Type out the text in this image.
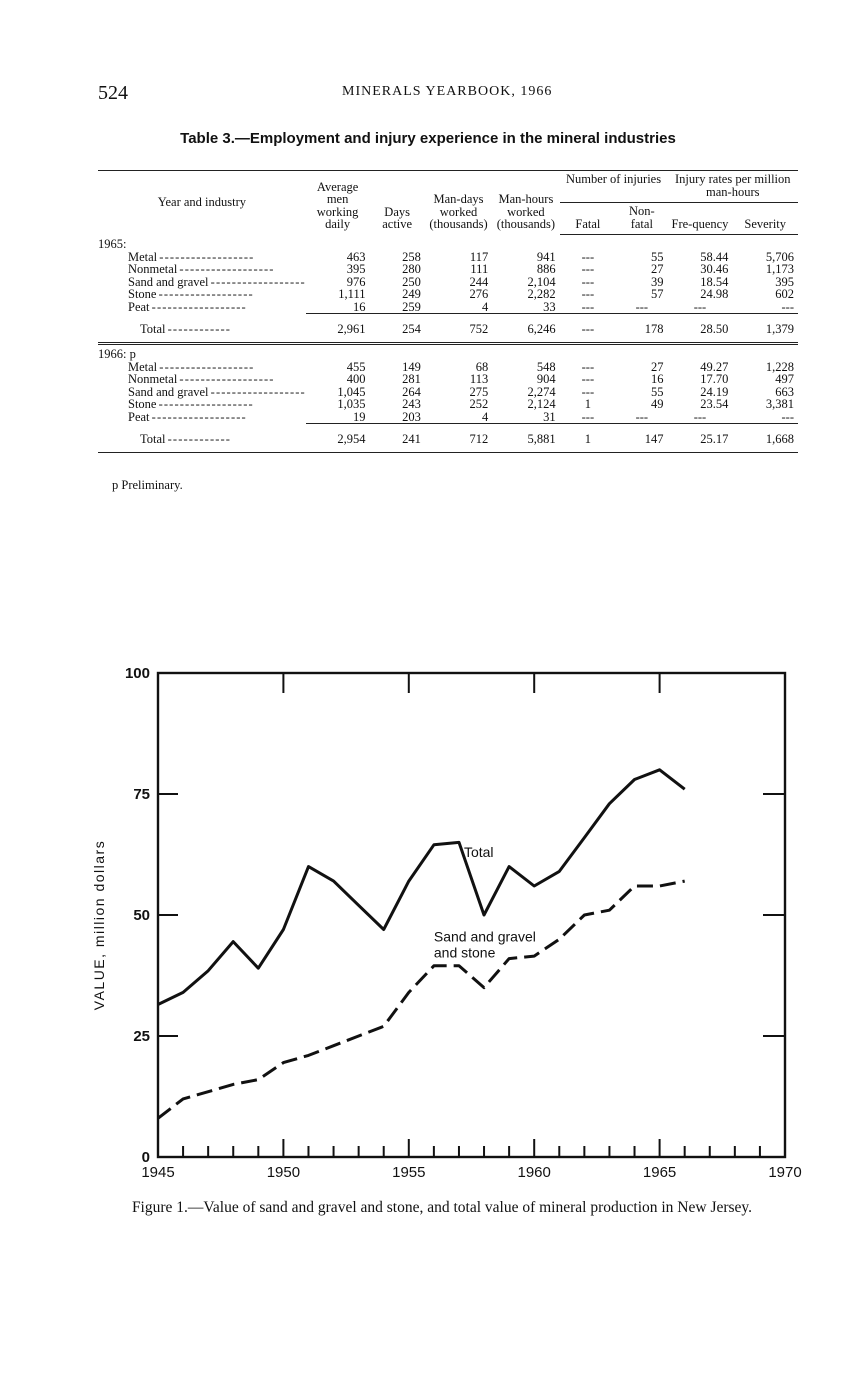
524	MINERALS YEARBOOK, 1966
Table 3.—Employment and injury experience in the mineral industries
Year and industry	Average men working daily	Days active	Man-days worked (thousands)	Man-hours worked (thousands)	Number of injuries		Injury rates per million man-hours	
					Fatal	Non-fatal	Fre-quency	Severity
1965:								
Metal - - -	463	258	117	941	---	55	58.44	5,706
Nonmetal - - -	395	280	111	886	---	27	30.46	1,173
Sand and gravel - - -	976	250	244	2,104	---	39	18.54	395
Stone - - -	1,111	249	276	2,282	---	57	24.98	602
Peat - - -	16	259	4	33	---	---	---	---
Total - - -	2,961	254	752	6,246	---	178	28.50	1,379

1966: p								
Metal - - -	455	149	68	548	---	27	49.27	1,228
Nonmetal - - -	400	281	113	904	---	16	17.70	497
Sand and gravel - - -	1,045	264	275	2,274	---	55	24.19	663
Stone - - -	1,035	243	252	2,124	1	49	23.54	3,381
Peat - - -	19	203	4	31	---	---	---	---
Total - - -	2,954	241	712	5,881	1	147	25.17	1,668

p Preliminary.
1945	1950	1955	1960	1965	1970
0
25
50
75
100
VALUE, million dollars	Total
Sand and gravel and stone
Figure 1.—Value of sand and gravel and stone, and total value of mineral production in New Jersey.
